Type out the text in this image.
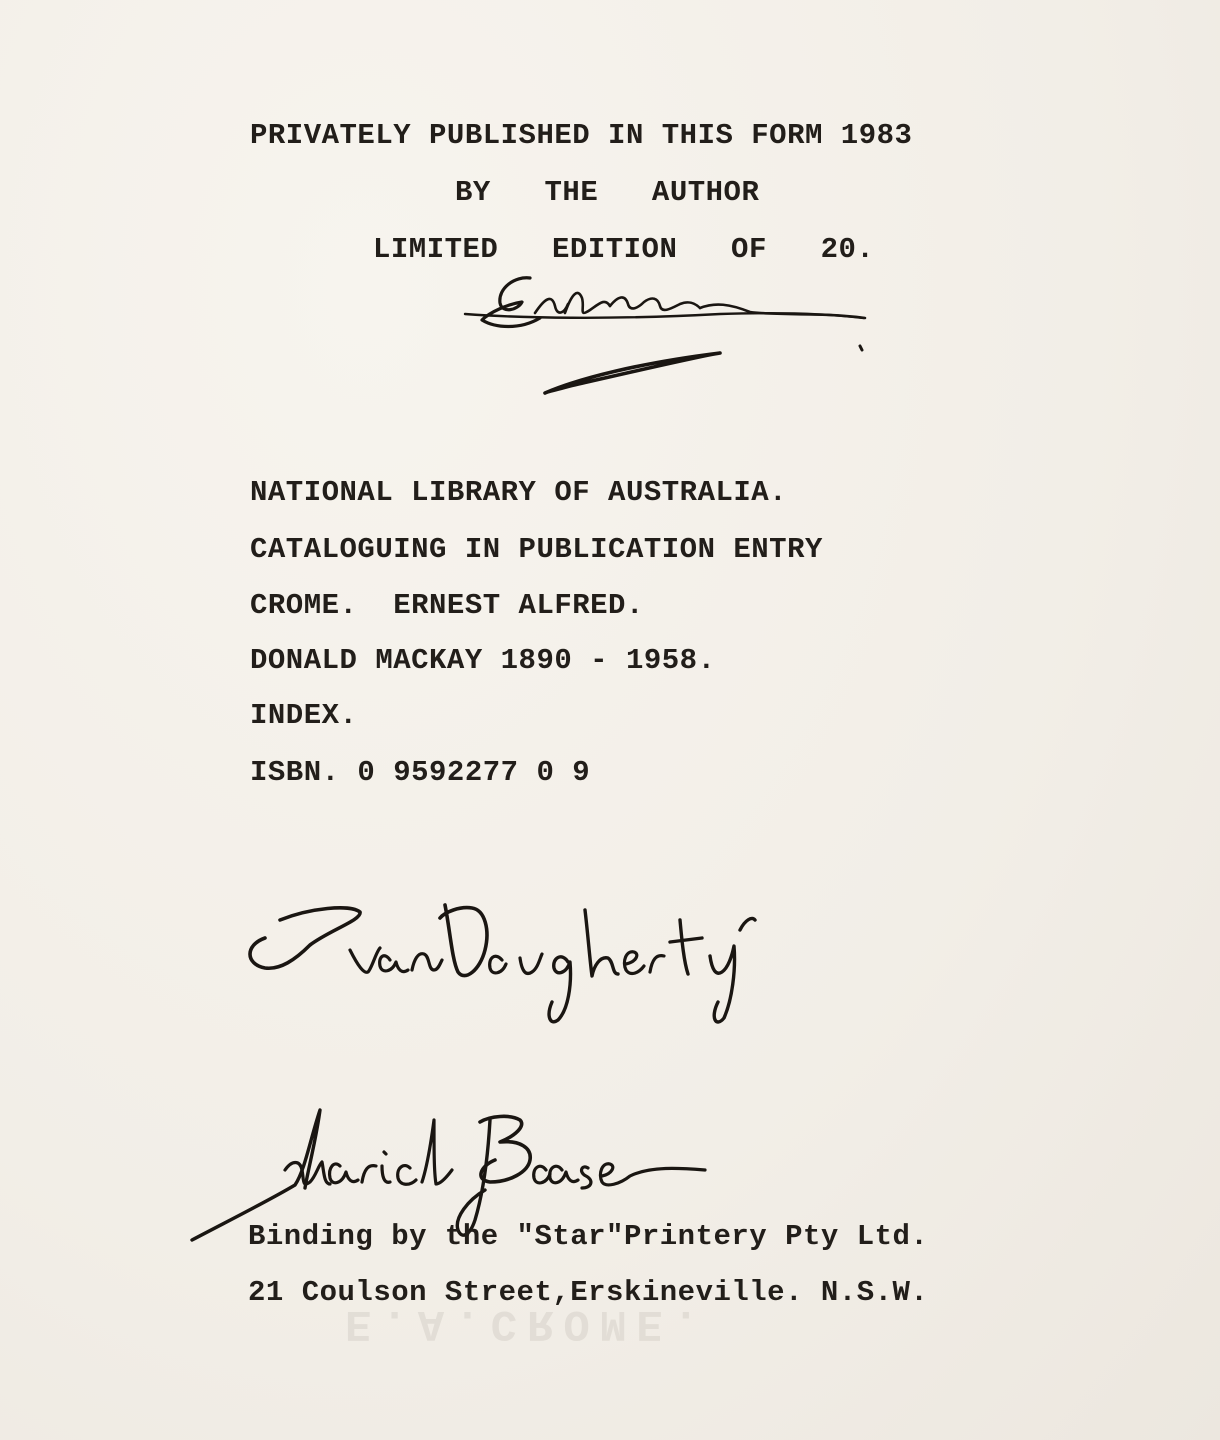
E.A.CROME.
PRIVATELY PUBLISHED IN THIS FORM 1983
BY   THE   AUTHOR
LIMITED   EDITION   OF   20.
NATIONAL LIBRARY OF AUSTRALIA.
CATALOGUING IN PUBLICATION ENTRY
CROME.  ERNEST ALFRED.
DONALD MACKAY 1890 - 1958.
INDEX.
ISBN. 0 9592277 0 9
Binding by the "Star"Printery Pty Ltd.
21 Coulson Street,Erskineville. N.S.W.
